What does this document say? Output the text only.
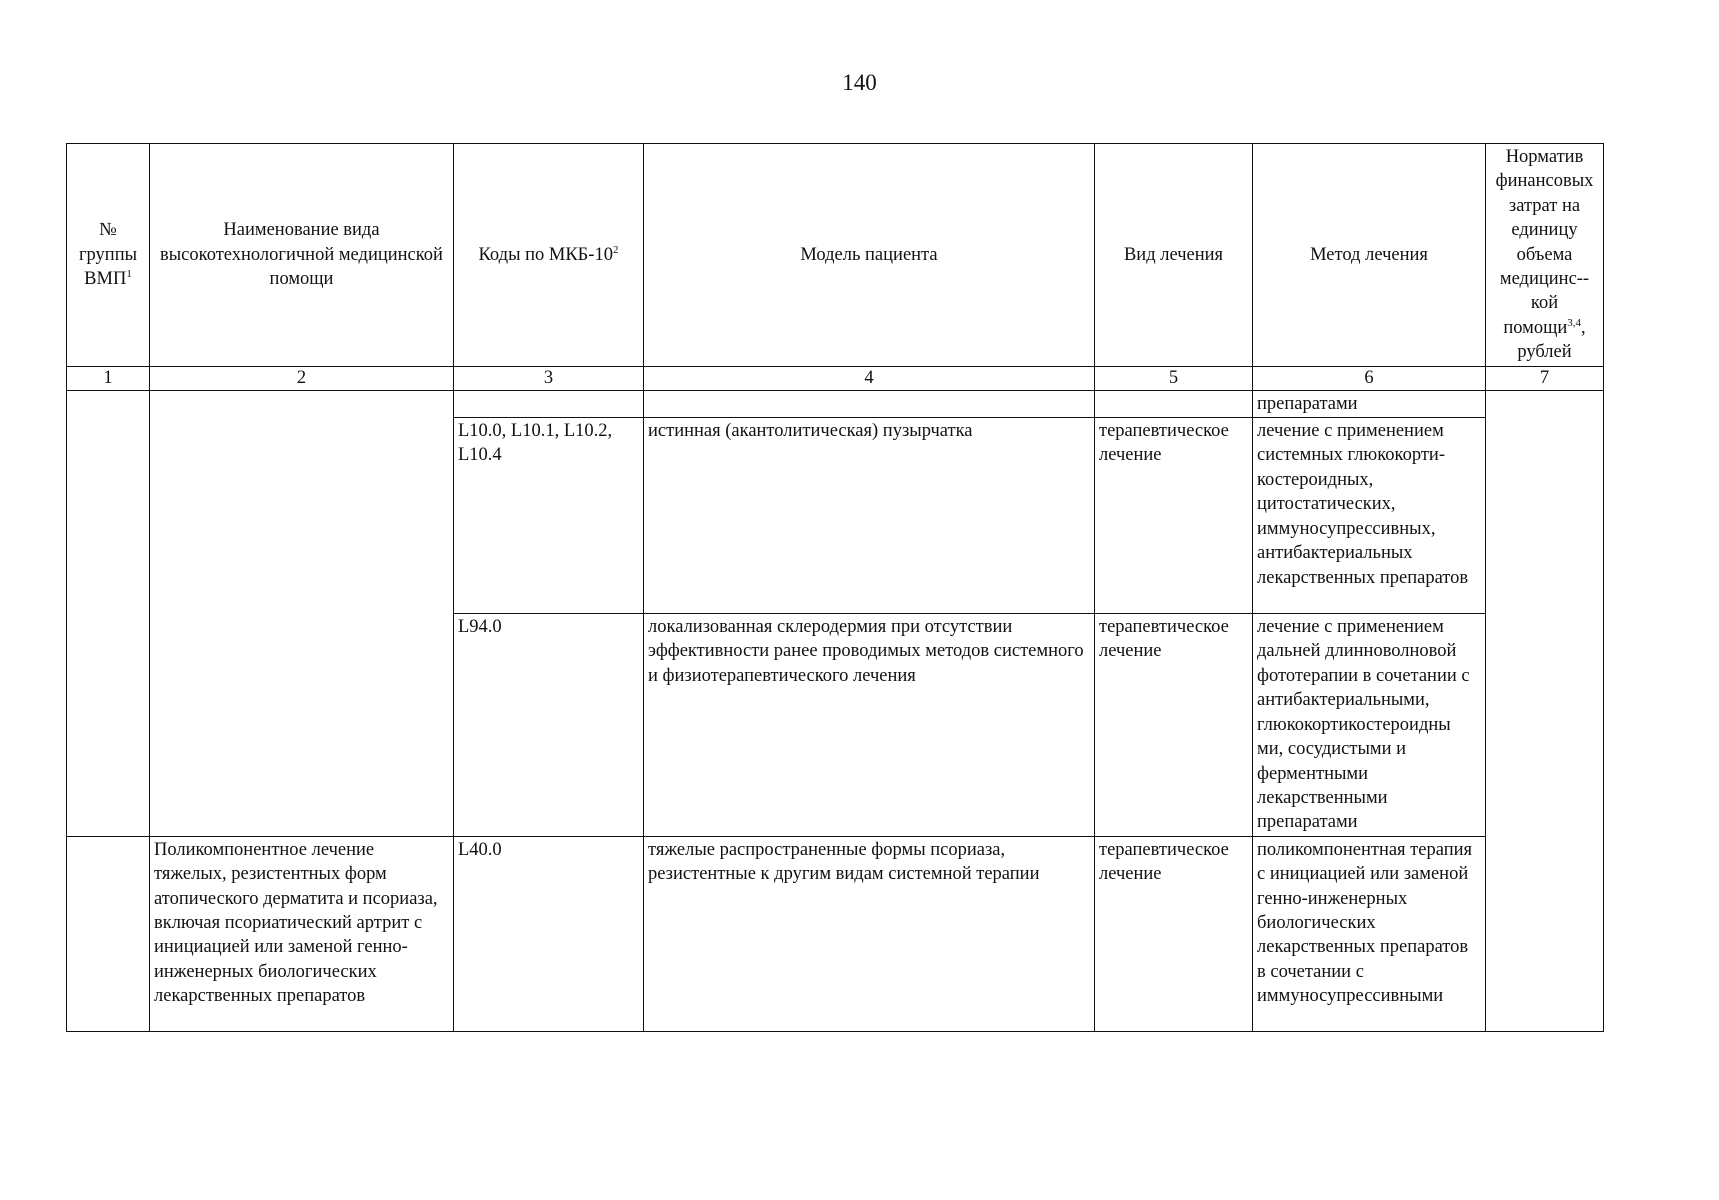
140
№ группы ВМП$^1$	Наименование вида высокотехнологичной медицинской помощи	Коды по МКБ-$10^2$	Модель пациента	Вид лечения	Метод лечения	Норматив финансовых затрат на единицу объема медицинс--кой помощи$^{3,4}$, рублей
1	2	3	4	5	6	7
					препаратами	
		L10.0, L10.1, L10.2, L10.4	истинная (акантолитическая) пузырчатка	терапевтическое лечение	лечение с применением системных глюкокорти-костероидных, цитостатических, иммуносупрессивных, антибактериальных лекарственных препаратов	
		L94.0	локализованная склеродермия при отсутствии эффективности ранее проводимых методов системного и физиотерапевтического лечения	терапевтическое лечение	лечение с применением дальней длинноволновой фототерапии в сочетании с антибактериальными, глюкокортикостероидны ми, сосудистыми и ферментными лекарственными препаратами	
	Поликомпонентное лечение тяжелых, резистентных форм атопического дерматита и псориаза, включая псориатический артрит с инициацией или заменой генно-инженерных биологических лекарственных препаратов	L40.0	тяжелые распространенные формы псориаза, резистентные к другим видам системной терапии	терапевтическое лечение	поликомпонентная терапия с инициацией или заменой генно-инженерных биологических лекарственных препаратов в сочетании с иммуносупрессивными	
